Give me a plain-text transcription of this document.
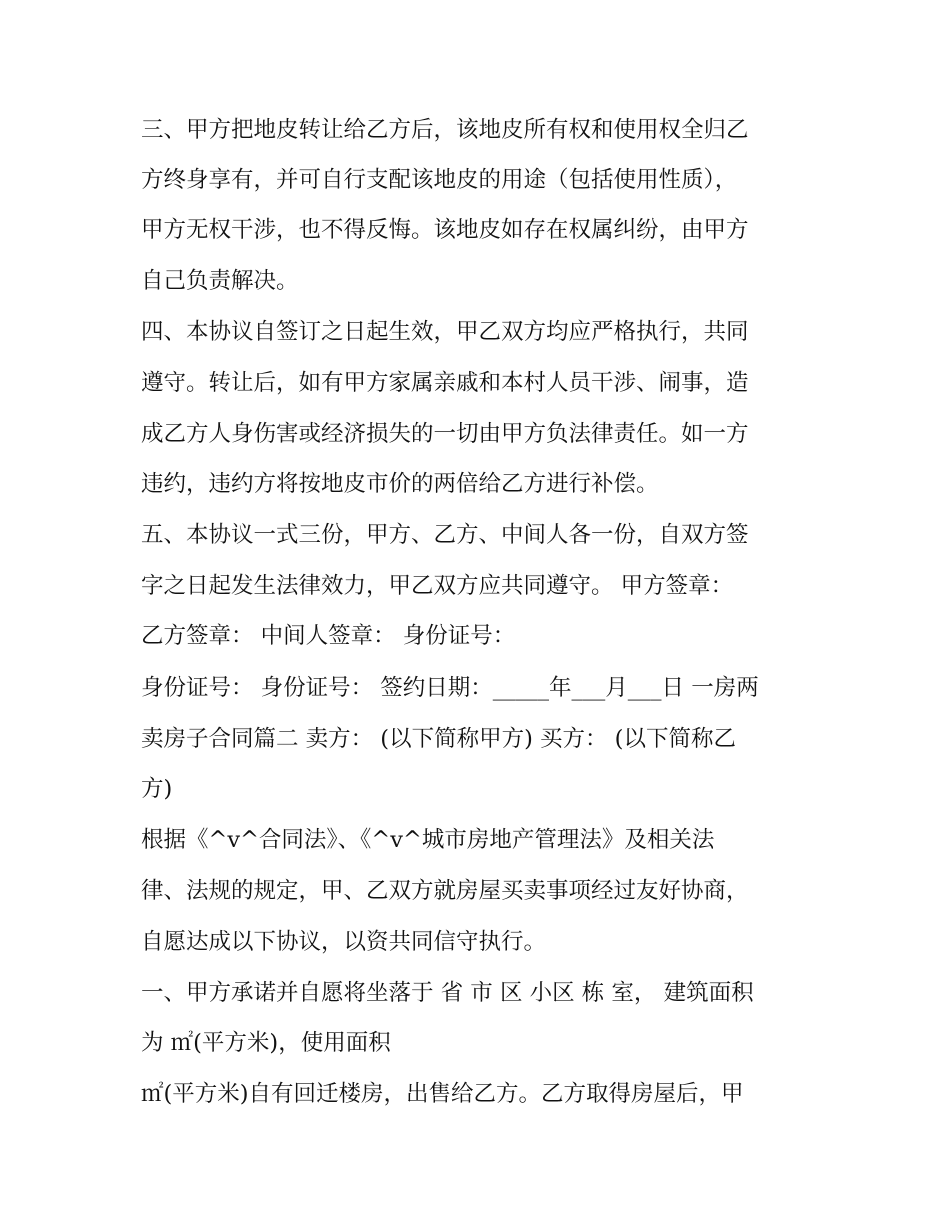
三、甲方把地皮转让给乙方后，该地皮所有权和使用权全归乙

方终身享有，并可自行支配该地皮的用途（包括使用性质），

甲方无权干涉，也不得反悔。该地皮如存在权属纠纷，由甲方

自己负责解决。

四、本协议自签订之日起生效，甲乙双方均应严格执行，共同

遵守。转让后，如有甲方家属亲戚和本村人员干涉、闹事，造

成乙方人身伤害或经济损失的一切由甲方负法律责任。如一方

违约，违约方将按地皮市价的两倍给乙方进行补偿。

五、本协议一式三份，甲方、乙方、中间人各一份，自双方签

字之日起发生法律效力，甲乙双方应共同遵守。 甲方签章：

乙方签章： 中间人签章： 身份证号：

身份证号： 身份证号： 签约日期：_____年___月___日 一房两

卖房子合同篇二 卖方： (以下简称甲方) 买方： (以下简称乙

方)

根据《^v^合同法》、《^v^城市房地产管理法》及相关法

律、法规的规定，甲、乙双方就房屋买卖事项经过友好协商，

自愿达成以下协议，以资共同信守执行。

一、甲方承诺并自愿将坐落于 省 市 区 小区 栋 室， 建筑面积

为 ㎡(平方米)，使用面积

㎡(平方米)自有回迁楼房，出售给乙方。乙方取得房屋后，甲
